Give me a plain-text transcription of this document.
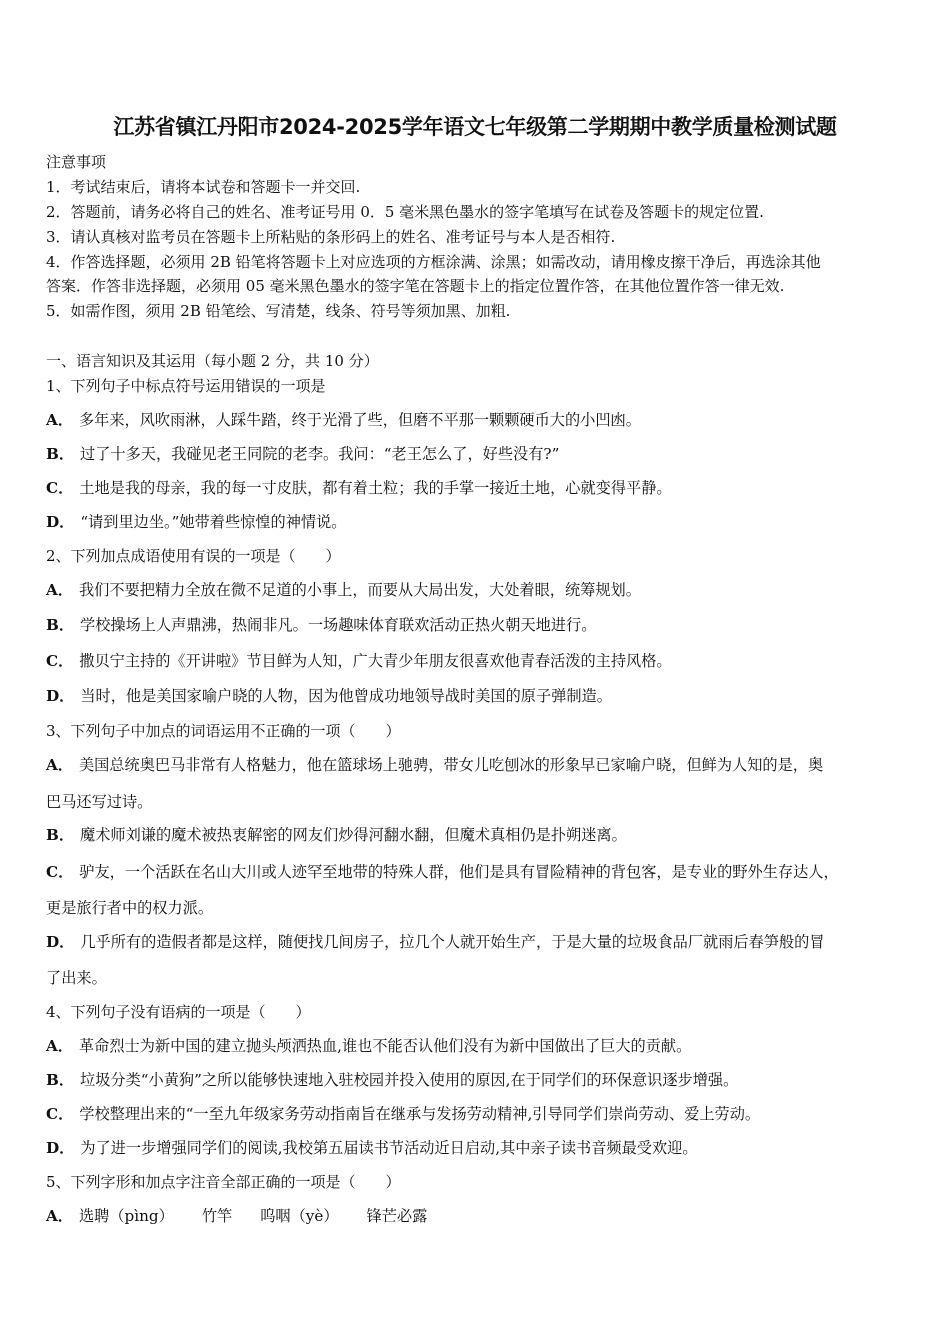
江苏省镇江丹阳市2024-2025学年语文七年级第二学期期中教学质量检测试题
注意事项
1．考试结束后，请将本试卷和答题卡一并交回.
2．答题前，请务必将自己的姓名、准考证号用 0．5 毫米黑色墨水的签字笔填写在试卷及答题卡的规定位置.
3．请认真核对监考员在答题卡上所粘贴的条形码上的姓名、准考证号与本人是否相符.
4．作答选择题，必须用 2B 铅笔将答题卡上对应选项的方框涂满、涂黑；如需改动，请用橡皮擦干净后，再选涂其他
答案．作答非选择题，必须用 05 毫米黑色墨水的签字笔在答题卡上的指定位置作答，在其他位置作答一律无效.
5．如需作图，须用 2B 铅笔绘、写清楚，线条、符号等须加黑、加粗.
一、语言知识及其运用（每小题 2 分，共 10 分）
1、下列句子中标点符号运用错误的一项是
A． 多年来，风吹雨淋，人踩牛踏，终于光滑了些，但磨不平那一颗颗硬币大的小凹凼。
B． 过了十多天，我碰见老王同院的老李。我问：“老王怎么了，好些没有?”
C． 土地是我的母亲，我的每一寸皮肤，都有着土粒；我的手掌一接近土地，心就变得平静。
D． “请到里边坐。”她带着些惊惶的神情说。
2、下列加点成语使用有误的一项是（　　）
A． 我们不要把精力全放在微不足道的小事上，而要从大局出发，大处着眼，统筹规划。
B． 学校操场上人声鼎沸，热闹非凡。一场趣味体育联欢活动正热火朝天地进行。
C． 撒贝宁主持的《开讲啦》节目鲜为人知，广大青少年朋友很喜欢他青春活泼的主持风格。
D． 当时，他是美国家喻户晓的人物，因为他曾成功地领导战时美国的原子弹制造。
3、下列句子中加点的词语运用不正确的一项（　　）
A． 美国总统奥巴马非常有人格魅力，他在篮球场上驰骋，带女儿吃刨冰的形象早已家喻户晓，但鲜为人知的是，奥
巴马还写过诗。
B． 魔术师刘谦的魔术被热衷解密的网友们炒得河翻水翻，但魔术真相仍是扑朔迷离。
C． 驴友，一个活跃在名山大川或人迹罕至地带的特殊人群，他们是具有冒险精神的背包客，是专业的野外生存达人，
更是旅行者中的权力派。
D． 几乎所有的造假者都是这样，随便找几间房子，拉几个人就开始生产，于是大量的垃圾食品厂就雨后春笋般的冒
了出来。
4、下列句子没有语病的一项是（　　）
A． 革命烈士为新中国的建立抛头颅洒热血,谁也不能否认他们没有为新中国做出了巨大的贡献。
B． 垃圾分类“小黄狗”之所以能够快速地入驻校园并投入使用的原因,在于同学们的环保意识逐步增强。
C． 学校整理出来的“一至九年级家务劳动指南旨在继承与发扬劳动精神,引导同学们崇尚劳动、爱上劳动。
D． 为了进一步增强同学们的阅读,我校第五届读书节活动近日启动,其中亲子读书音频最受欢迎。
5、下列字形和加点字注音全部正确的一项是（　　）
A． 选聘（pìng） 竹竿 呜咽（yè） 锋芒必露
